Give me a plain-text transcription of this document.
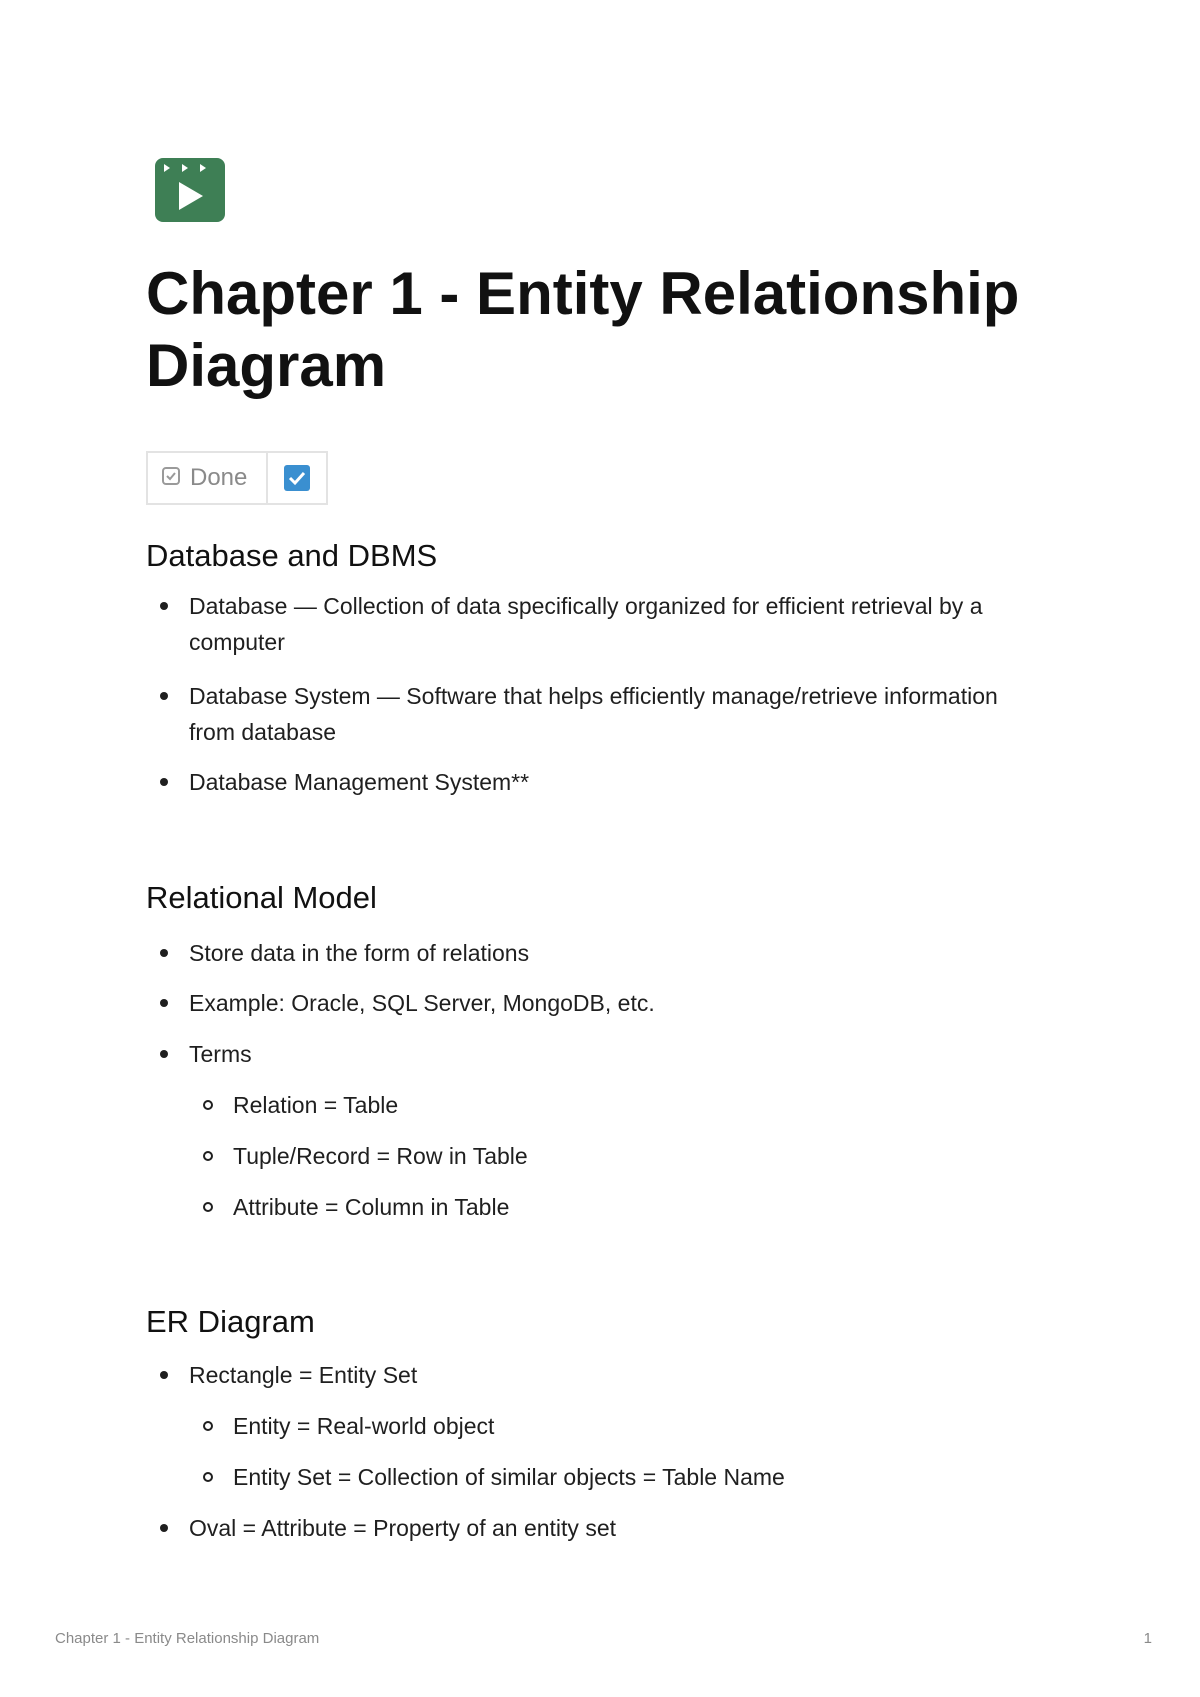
Chapter 1 - Entity Relationship Diagram
Done
Database and DBMS
Database — Collection of data specifically organized for efficient retrieval by a computer
Database System — Software that helps efficiently manage/retrieve information from database
Database Management System**
Relational Model
Store data in the form of relations
Example: Oracle, SQL Server, MongoDB, etc.
Terms
Relation = Table
Tuple/Record = Row in Table
Attribute = Column in Table
ER Diagram
Rectangle = Entity Set
Entity = Real-world object
Entity Set = Collection of similar objects = Table Name
Oval = Attribute = Property of an entity set
Chapter 1 - Entity Relationship Diagram	1
